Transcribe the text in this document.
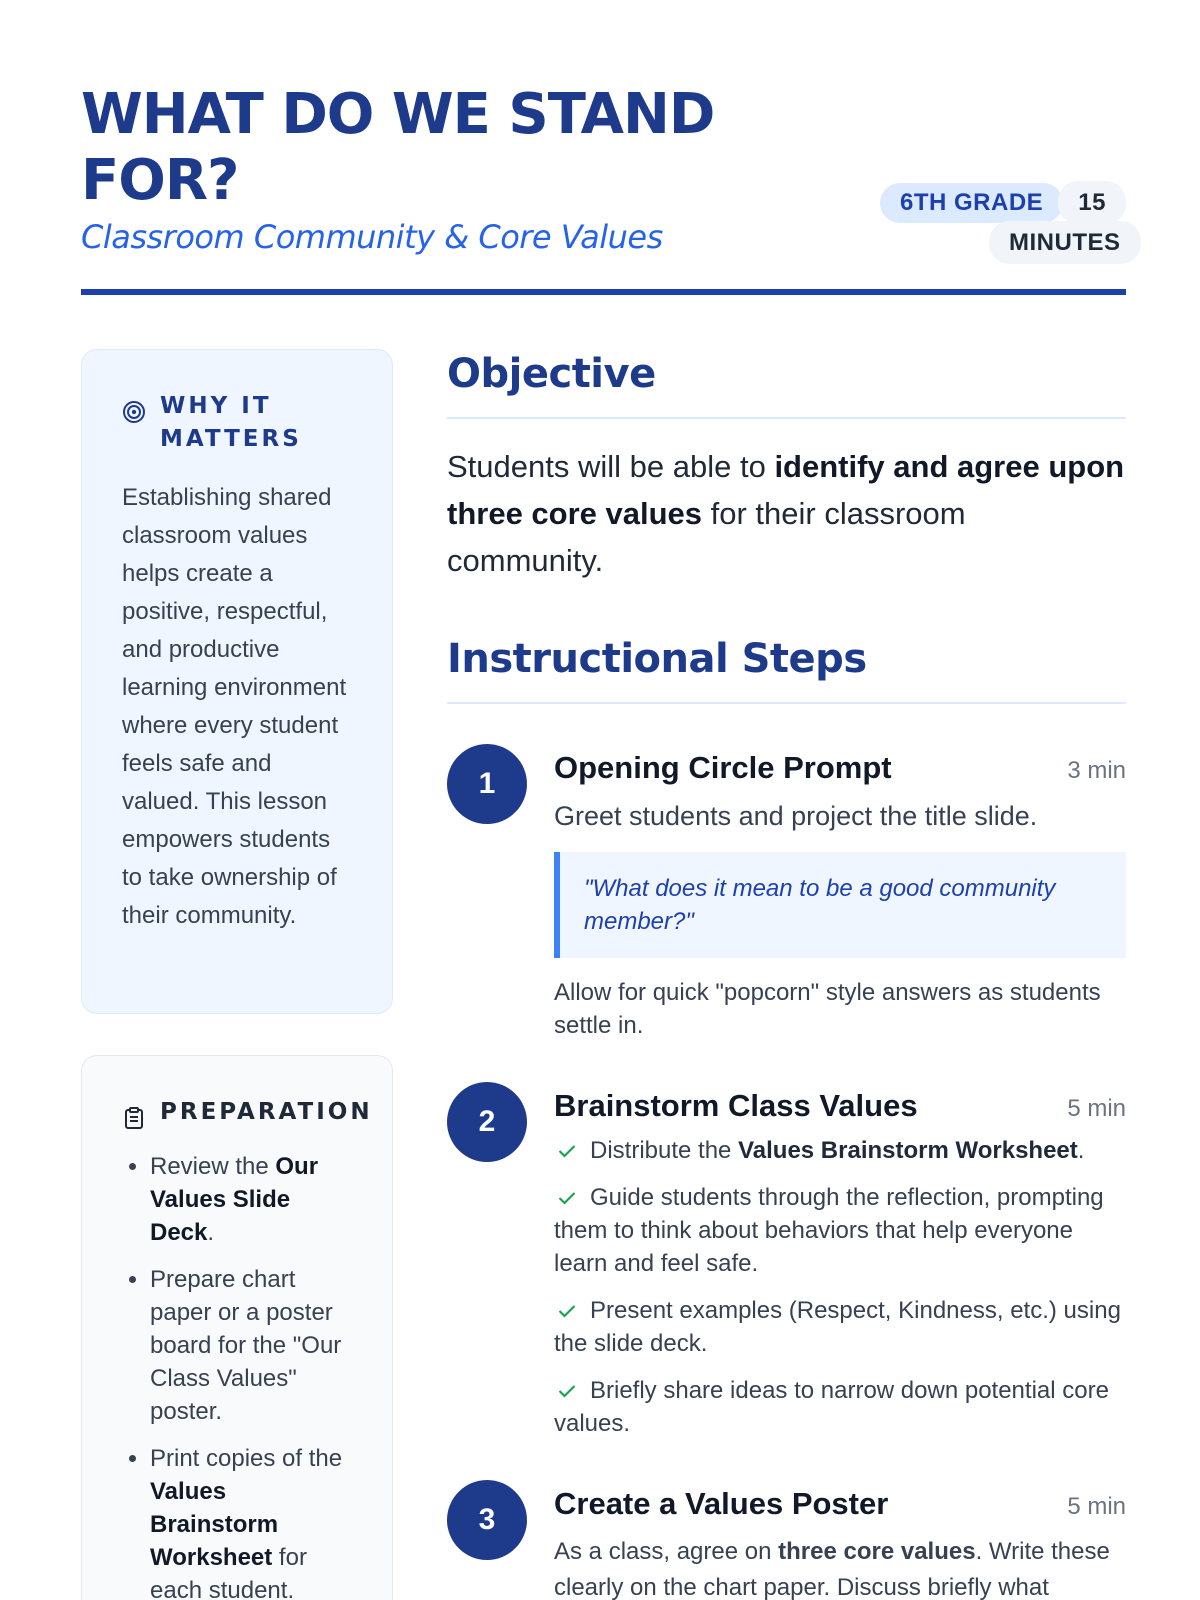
WHAT DO WE STAND FOR?
Classroom Community & Core Values
6TH GRADE	15 MINUTES
WHY IT MATTERS

Establishing shared classroom values helps create a positive, respectful, and productive learning environment where every student feels safe and valued. This lesson empowers students to take ownership of their community.

PREPARATION
• Review the Our Values Slide Deck.
• Prepare chart paper or a poster board for the "Our Class Values" poster.
• Print copies of the Values Brainstorm Worksheet for each student.
Objective

Students will be able to identify and agree upon three core values for their classroom community.

Instructional Steps
1	Opening Circle Prompt	3 min
Greet students and project the title slide.
"What does it mean to be a good community member?"
Allow for quick "popcorn" style answers as students settle in.
2	Brainstorm Class Values	5 min
Distribute the Values Brainstorm Worksheet.
Guide students through the reflection, prompting them to think about behaviors that help everyone learn and feel safe.
Present examples (Respect, Kindness, etc.) using the slide deck.
Briefly share ideas to narrow down potential core values.
3	Create a Values Poster	5 min
As a class, agree on three core values. Write these clearly on the chart paper. Discuss briefly what
